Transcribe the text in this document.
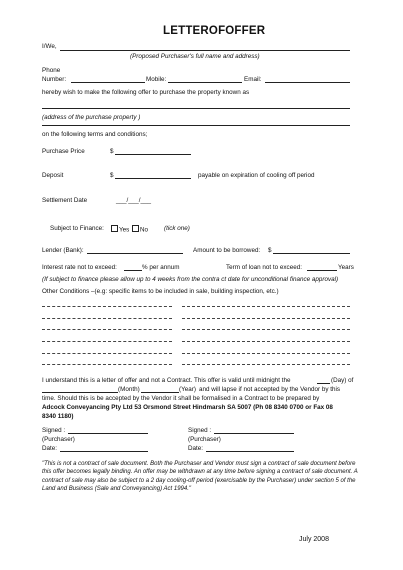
LETTEROFOFFER
I/We,
(Proposed Purchaser's full name and address)
Phone
Number:	Mobile:	Email:
hereby wish to make the following offer to purchase the property known as
(address of the purchase property )
on the following terms and conditions;
Purchase Price	$
Deposit	$	payable on expiration of cooling off period
Settlement Date	___/___/___
Subject to Finance:	Yes	No	(tick one)
Lender (Bank):	Amount to be borrowed: $
Interest rate not to exceed:	% per annum	Term of loan not to exceed:	Years
(If subject to finance please allow up to 4 weeks from the contra ct date for unconditional finance approval)
Other Conditions –(e.g: specific items to be included in sale, building inspection, etc.)
I understand this is a letter of offer and not a Contract. This offer is valid until midnight the	(Day) of
(Month)	(Year) and will lapse if not accepted by the Vendor by this
time. Should this is be accepted by the Vendor it shall be formalised in a Contract to be prepared by
Adcock Conveyancing Pty Ltd 53 Orsmond Street Hindmarsh SA 5007 (Ph 08 8340 0700 or Fax 08
8340 1180)
Signed :
(Purchaser)
Date:
Signed :
(Purchaser)
Date:
"This is not a contract of sale document. Both the Purchaser and Vendor must sign a contract of sale document before this offer becomes legally binding. An offer may be withdrawn at any time before signing a contract of sale document. A contract of sale may also be subject to a 2 day cooling-off period (exercisable by the Purchaser) under section 5 of the Land and Business (Sale and Conveyancing) Act 1994."
July 2008
